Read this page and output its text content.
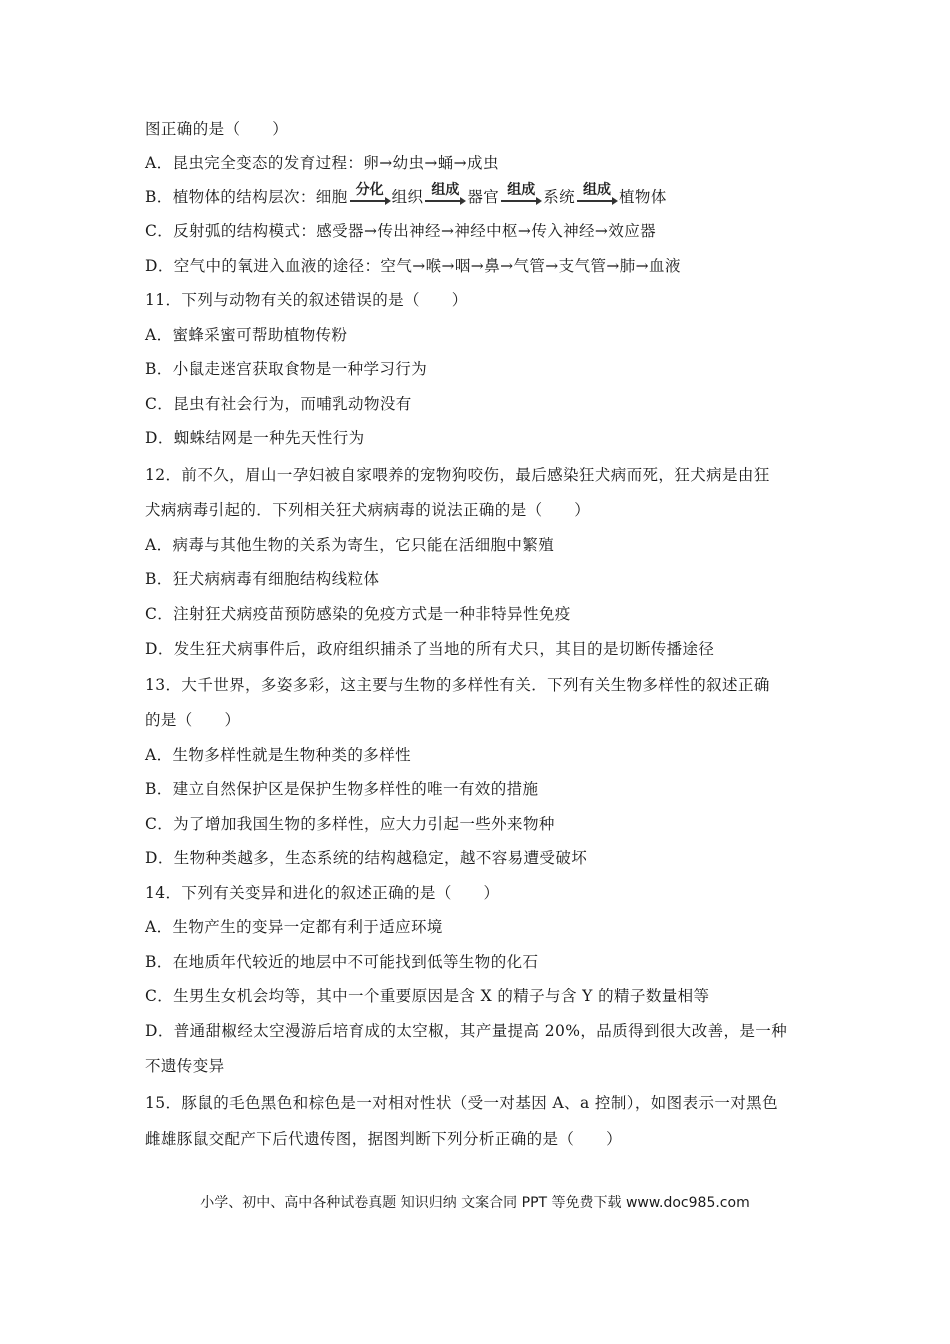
图正确的是（　　）
A．昆虫完全变态的发育过程：卵→幼虫→蛹→成虫
B．植物体的结构层次：细胞 分化 组织 组成 器官 组成 系统 组成 植物体
C．反射弧的结构模式：感受器→传出神经→神经中枢→传入神经→效应器
D．空气中的氧进入血液的途径：空气→喉→咽→鼻→气管→支气管→肺→血液
11．下列与动物有关的叙述错误的是（　　）
A．蜜蜂采蜜可帮助植物传粉
B．小鼠走迷宫获取食物是一种学习行为
C．昆虫有社会行为，而哺乳动物没有
D．蜘蛛结网是一种先天性行为
12．前不久，眉山一孕妇被自家喂养的宠物狗咬伤，最后感染狂犬病而死，狂犬病是由狂
犬病病毒引起的．下列相关狂犬病病毒的说法正确的是（　　）
A．病毒与其他生物的关系为寄生，它只能在活细胞中繁殖
B．狂犬病病毒有细胞结构线粒体
C．注射狂犬病疫苗预防感染的免疫方式是一种非特异性免疫
D．发生狂犬病事件后，政府组织捕杀了当地的所有犬只，其目的是切断传播途径
13．大千世界，多姿多彩，这主要与生物的多样性有关．下列有关生物多样性的叙述正确
的是（　　）
A．生物多样性就是生物种类的多样性
B．建立自然保护区是保护生物多样性的唯一有效的措施
C．为了增加我国生物的多样性，应大力引起一些外来物种
D．生物种类越多，生态系统的结构越稳定，越不容易遭受破坏
14．下列有关变异和进化的叙述正确的是（　　）
A．生物产生的变异一定都有利于适应环境
B．在地质年代较近的地层中不可能找到低等生物的化石
C．生男生女机会均等，其中一个重要原因是含 X 的精子与含 Y 的精子数量相等
D．普通甜椒经太空漫游后培育成的太空椒，其产量提高 20%，品质得到很大改善，是一种
不遗传变异
15．豚鼠的毛色黑色和棕色是一对相对性状（受一对基因 A、a 控制），如图表示一对黑色
雌雄豚鼠交配产下后代遗传图，据图判断下列分析正确的是（　　）
小学、初中、高中各种试卷真题 知识归纳 文案合同 PPT 等免费下载 www.doc985.com
